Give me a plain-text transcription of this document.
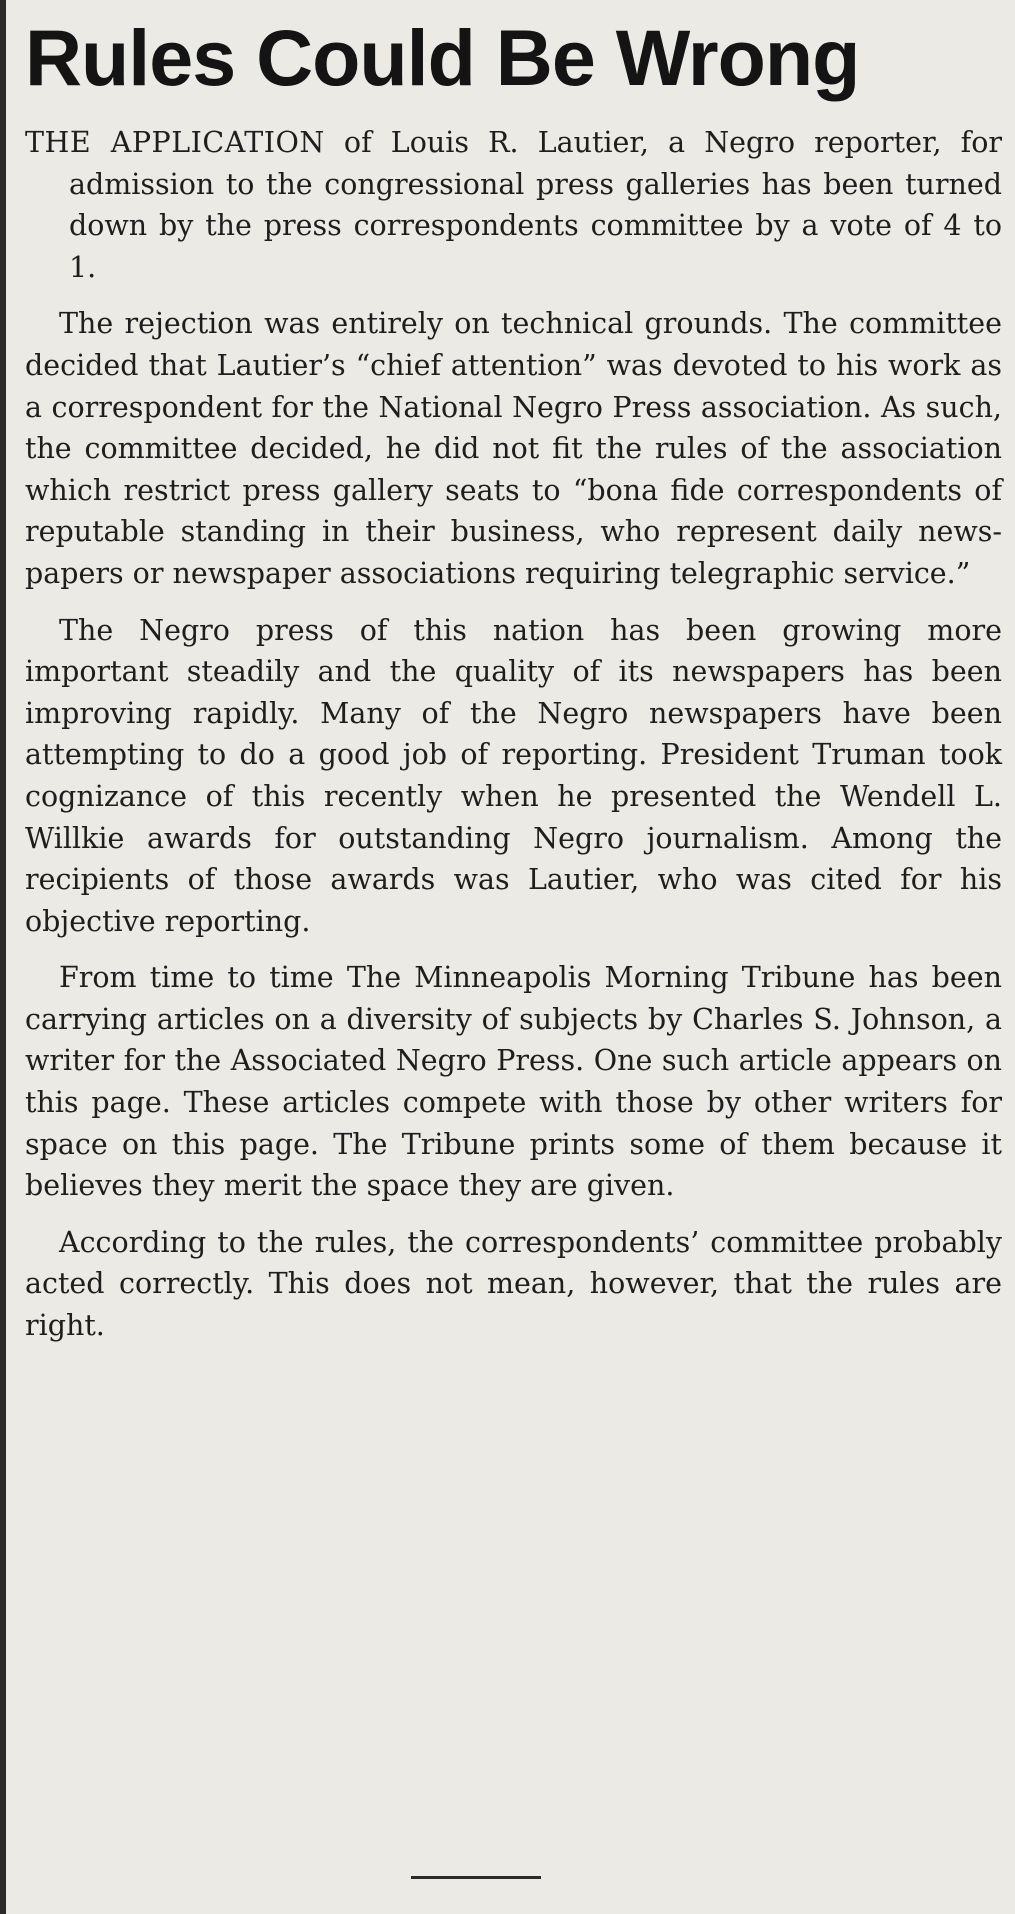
Rules Could Be Wrong

THE APPLICATION of Louis R. Lautier, a Negro reporter, for admission to the congressional press galleries has been turned down by the press correspondents committee by a vote of 4 to 1.

The rejection was entirely on technical grounds. The committee decided that Lautier’s “chief attention” was devoted to his work as a correspondent for the National Negro Press association. As such, the committee decided, he did not fit the rules of the association which restrict press gallery seats to “bona fide correspondents of reputable standing in their business, who represent daily newspapers or newspaper associations requiring telegraphic service.”

The Negro press of this nation has been growing more important steadily and the quality of its newspapers has been improving rapidly. Many of the Negro newspapers have been attempting to do a good job of reporting. President Truman took cognizance of this recently when he presented the Wendell L. Willkie awards for outstanding Negro journalism. Among the recipients of those awards was Lautier, who was cited for his objective reporting.

From time to time The Minneapolis Morning Tribune has been carrying articles on a diversity of subjects by Charles S. Johnson, a writer for the Associated Negro Press. One such article appears on this page. These articles compete with those by other writers for space on this page. The Tribune prints some of them because it believes they merit the space they are given.

According to the rules, the correspondents’ committee probably acted correctly. This does not mean, however, that the rules are right.
